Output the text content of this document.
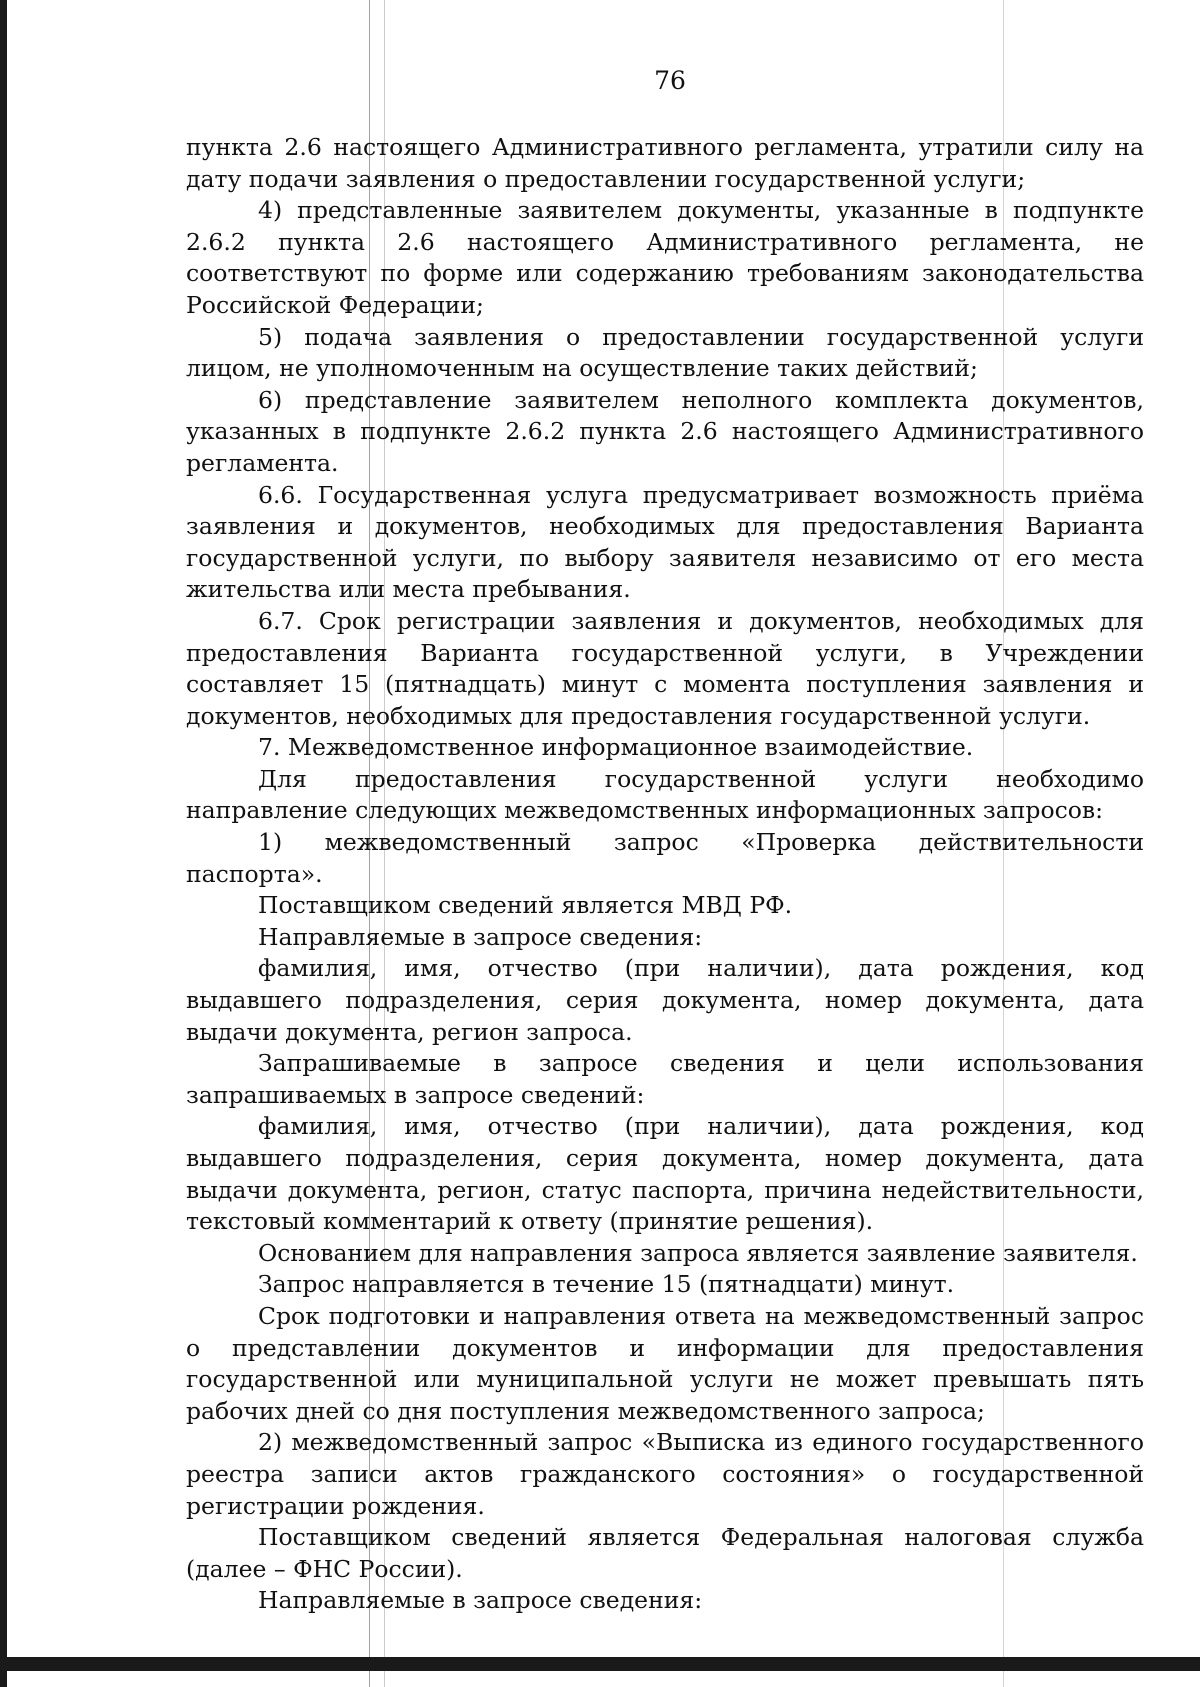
76

пункта 2.6 настоящего Административного регламента, утратили силу на дату подачи заявления о предоставлении государственной услуги;

4) представленные заявителем документы, указанные в подпункте 2.6.2 пункта 2.6 настоящего Административного регламента, не соответствуют по форме или содержанию требованиям законодательства Российской Федерации;

5) подача заявления о предоставлении государственной услуги лицом, не уполномоченным на осуществление таких действий;

6) представление заявителем неполного комплекта документов, указанных в подпункте 2.6.2 пункта 2.6 настоящего Административного регламента.

6.6. Государственная услуга предусматривает возможность приёма заявления и документов, необходимых для предоставления Варианта государственной услуги, по выбору заявителя независимо от его места жительства или места пребывания.

6.7. Срок регистрации заявления и документов, необходимых для предоставления Варианта государственной услуги, в Учреждении составляет 15 (пятнадцать) минут с момента поступления заявления и документов, необходимых для предоставления государственной услуги.

7. Межведомственное информационное взаимодействие.

Для предоставления государственной услуги необходимо направление следующих межведомственных информационных запросов:

1) межведомственный запрос «Проверка действительности паспорта».

Поставщиком сведений является МВД РФ.

Направляемые в запросе сведения:

фамилия, имя, отчество (при наличии), дата рождения, код выдавшего подразделения, серия документа, номер документа, дата выдачи документа, регион запроса.

Запрашиваемые в запросе сведения и цели использования запрашиваемых в запросе сведений:

фамилия, имя, отчество (при наличии), дата рождения, код выдавшего подразделения, серия документа, номер документа, дата выдачи документа, регион, статус паспорта, причина недействительности, текстовый комментарий к ответу (принятие решения).

Основанием для направления запроса является заявление заявителя.

Запрос направляется в течение 15 (пятнадцати) минут.

Срок подготовки и направления ответа на межведомственный запрос о представлении документов и информации для предоставления государственной или муниципальной услуги не может превышать пять рабочих дней со дня поступления межведомственного запроса;

2) межведомственный запрос «Выписка из единого государственного реестра записи актов гражданского состояния» о государственной регистрации рождения.

Поставщиком сведений является Федеральная налоговая служба (далее – ФНС России).

Направляемые в запросе сведения:
